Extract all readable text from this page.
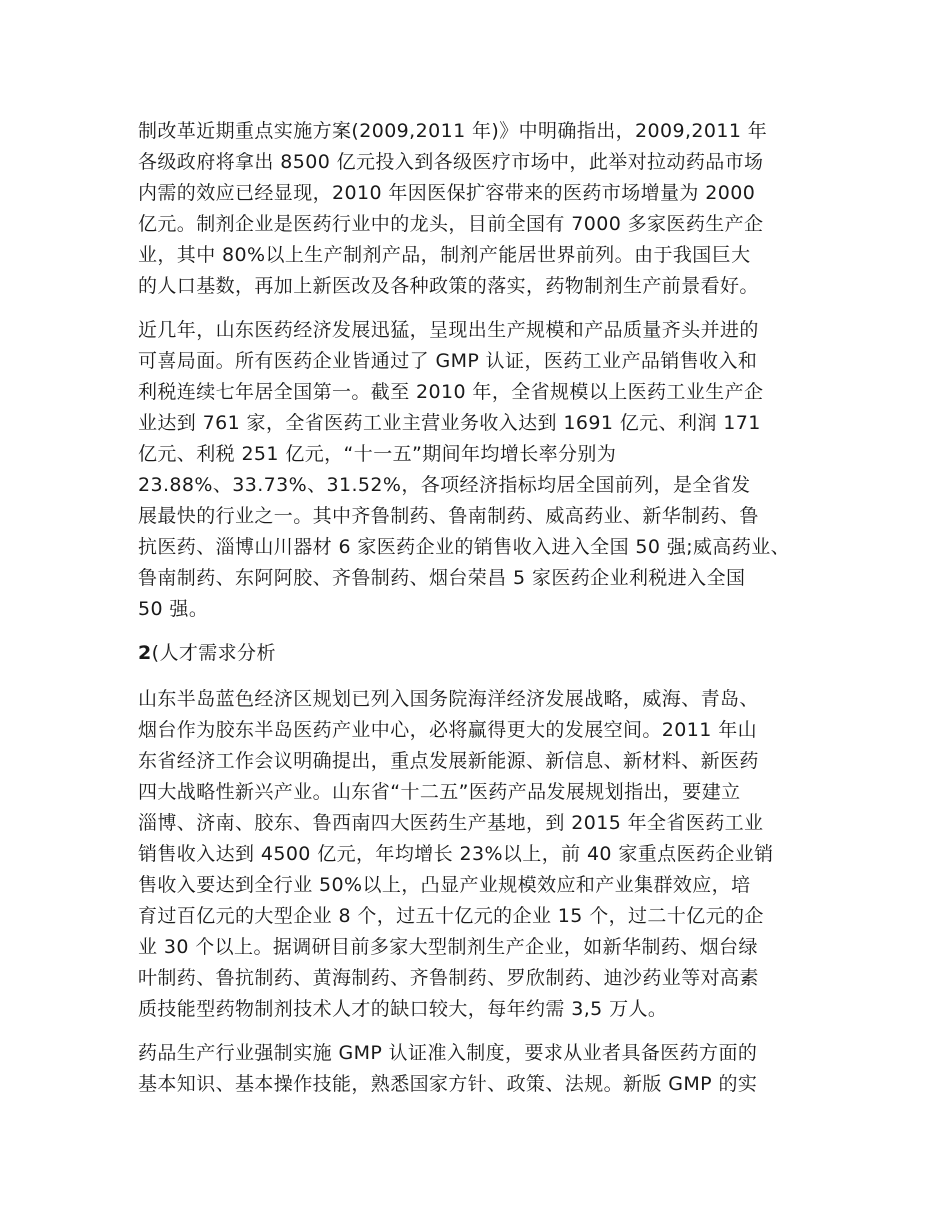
制改革近期重点实施方案(2009,2011 年)》中明确指出，2009,2011 年
各级政府将拿出 8500 亿元投入到各级医疗市场中，此举对拉动药品市场
内需的效应已经显现，2010 年因医保扩容带来的医药市场增量为 2000
亿元。制剂企业是医药行业中的龙头，目前全国有 7000 多家医药生产企
业，其中 80%以上生产制剂产品，制剂产能居世界前列。由于我国巨大
的人口基数，再加上新医改及各种政策的落实，药物制剂生产前景看好。

近几年，山东医药经济发展迅猛，呈现出生产规模和产品质量齐头并进的
可喜局面。所有医药企业皆通过了 GMP 认证，医药工业产品销售收入和
利税连续七年居全国第一。截至 2010 年，全省规模以上医药工业生产企
业达到 761 家，全省医药工业主营业务收入达到 1691 亿元、利润 171
亿元、利税 251 亿元，“十一五”期间年均增长率分别为
23.88%、33.73%、31.52%，各项经济指标均居全国前列，是全省发
展最快的行业之一。其中齐鲁制药、鲁南制药、威高药业、新华制药、鲁
抗医药、淄博山川器材 6 家医药企业的销售收入进入全国 50 强;威高药业、
鲁南制药、东阿阿胶、齐鲁制药、烟台荣昌 5 家医药企业利税进入全国
50 强。

2(人才需求分析

山东半岛蓝色经济区规划已列入国务院海洋经济发展战略，威海、青岛、
烟台作为胶东半岛医药产业中心，必将赢得更大的发展空间。2011 年山
东省经济工作会议明确提出，重点发展新能源、新信息、新材料、新医药
四大战略性新兴产业。山东省“十二五”医药产品发展规划指出，要建立
淄博、济南、胶东、鲁西南四大医药生产基地，到 2015 年全省医药工业
销售收入达到 4500 亿元，年均增长 23%以上，前 40 家重点医药企业销
售收入要达到全行业 50%以上，凸显产业规模效应和产业集群效应，培
育过百亿元的大型企业 8 个，过五十亿元的企业 15 个，过二十亿元的企
业 30 个以上。据调研目前多家大型制剂生产企业，如新华制药、烟台绿
叶制药、鲁抗制药、黄海制药、齐鲁制药、罗欣制药、迪沙药业等对高素
质技能型药物制剂技术人才的缺口较大，每年约需 3,5 万人。

药品生产行业强制实施 GMP 认证准入制度，要求从业者具备医药方面的
基本知识、基本操作技能，熟悉国家方针、政策、法规。新版 GMP 的实
